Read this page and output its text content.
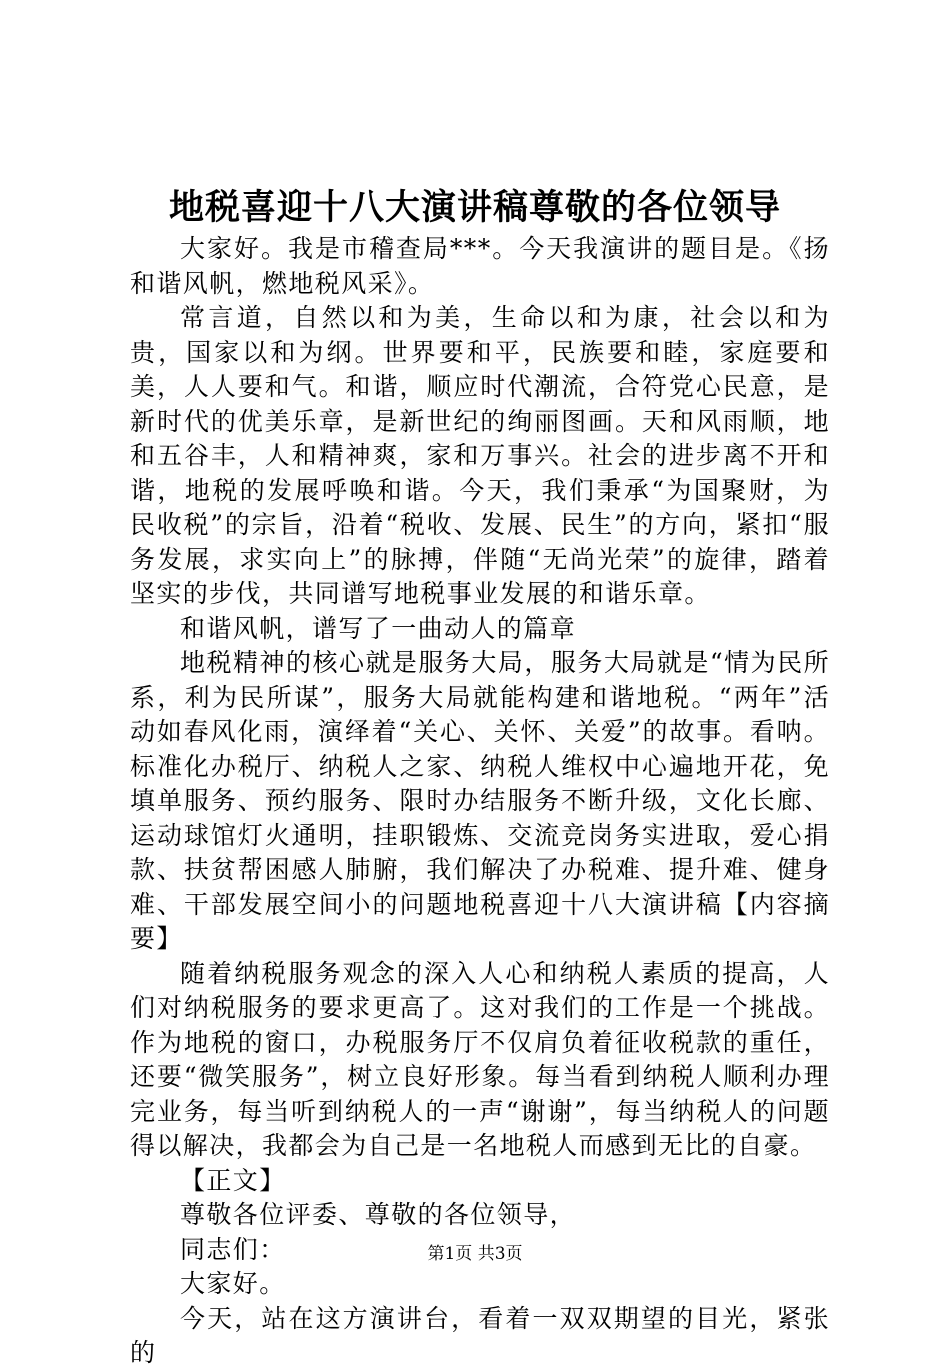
地税喜迎十八大演讲稿尊敬的各位领导

大家好。我是市稽查局***。今天我演讲的题目是。《扬和谐风帆，燃地税风采》。

常言道，自然以和为美，生命以和为康，社会以和为贵，国家以和为纲。世界要和平，民族要和睦，家庭要和美，人人要和气。和谐，顺应时代潮流，合符党心民意，是新时代的优美乐章，是新世纪的绚丽图画。天和风雨顺，地和五谷丰，人和精神爽，家和万事兴。社会的进步离不开和谐，地税的发展呼唤和谐。今天，我们秉承“为国聚财，为民收税”的宗旨，沿着“税收、发展、民生”的方向，紧扣“服务发展，求实向上”的脉搏，伴随“无尚光荣”的旋律，踏着坚实的步伐，共同谱写地税事业发展的和谐乐章。

和谐风帆，谱写了一曲动人的篇章

地税精神的核心就是服务大局，服务大局就是“情为民所系，利为民所谋”，服务大局就能构建和谐地税。“两年”活动如春风化雨，演绎着“关心、关怀、关爱”的故事。看呐。标准化办税厅、纳税人之家、纳税人维权中心遍地开花，免填单服务、预约服务、限时办结服务不断升级，文化长廊、运动球馆灯火通明，挂职锻炼、交流竞岗务实进取，爱心捐款、扶贫帮困感人肺腑，我们解决了办税难、提升难、健身难、干部发展空间小的问题地税喜迎十八大演讲稿【内容摘要】

随着纳税服务观念的深入人心和纳税人素质的提高，人们对纳税服务的要求更高了。这对我们的工作是一个挑战。作为地税的窗口，办税服务厅不仅肩负着征收税款的重任，还要“微笑服务”，树立良好形象。每当看到纳税人顺利办理完业务，每当听到纳税人的一声“谢谢”，每当纳税人的问题得以解决，我都会为自己是一名地税人而感到无比的自豪。

【正文】

尊敬各位评委、尊敬的各位领导，

同志们：

大家好。

今天，站在这方演讲台，看着一双双期望的目光，紧张的

第1页 共3页
